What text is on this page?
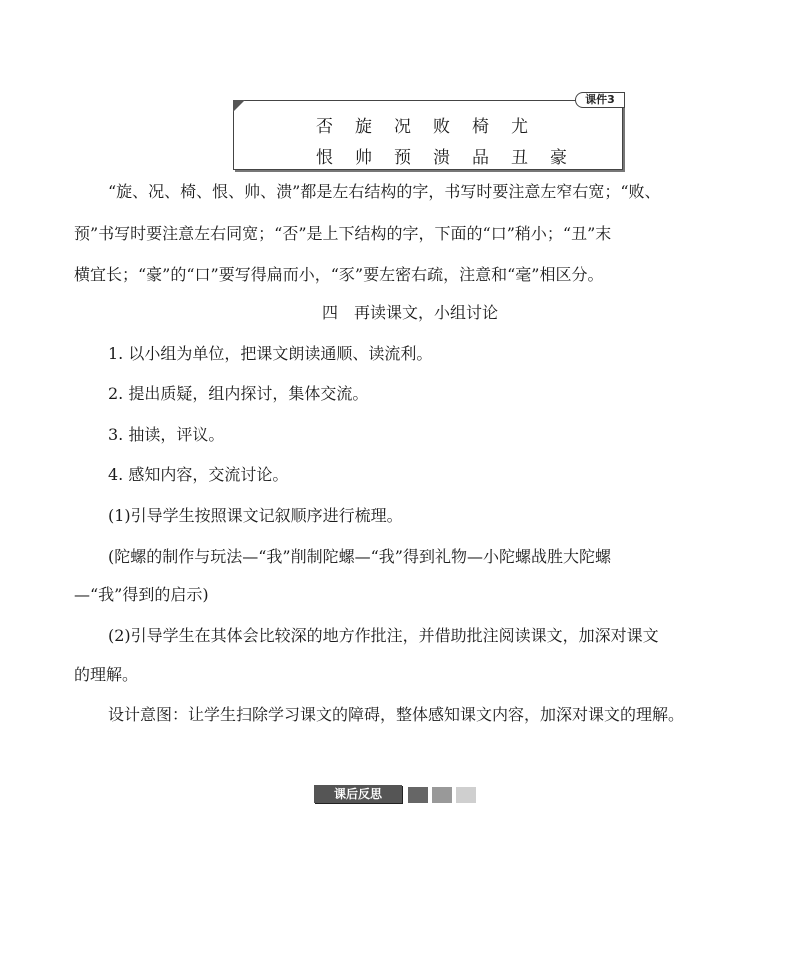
课件3
否 旋 况 败 椅 尤
恨 帅 预 溃 品 丑 豪
“旋、况、椅、恨、帅、溃”都是左右结构的字，书写时要注意左窄右宽；“败、
预”书写时要注意左右同宽；“否”是上下结构的字，下面的“口”稍小；“丑”末
横宜长；“豪”的“口”要写得扁而小，“豕”要左密右疏，注意和“毫”相区分。
四　再读课文，小组讨论
1. 以小组为单位，把课文朗读通顺、读流利。
2. 提出质疑，组内探讨，集体交流。
3. 抽读，评议。
4. 感知内容，交流讨论。
(1)引导学生按照课文记叙顺序进行梳理。
(陀螺的制作与玩法—“我”削制陀螺—“我”得到礼物—小陀螺战胜大陀螺
—“我”得到的启示)
(2)引导学生在其体会比较深的地方作批注，并借助批注阅读课文，加深对课文
的理解。
设计意图：让学生扫除学习课文的障碍，整体感知课文内容，加深对课文的理解。
课后反思
